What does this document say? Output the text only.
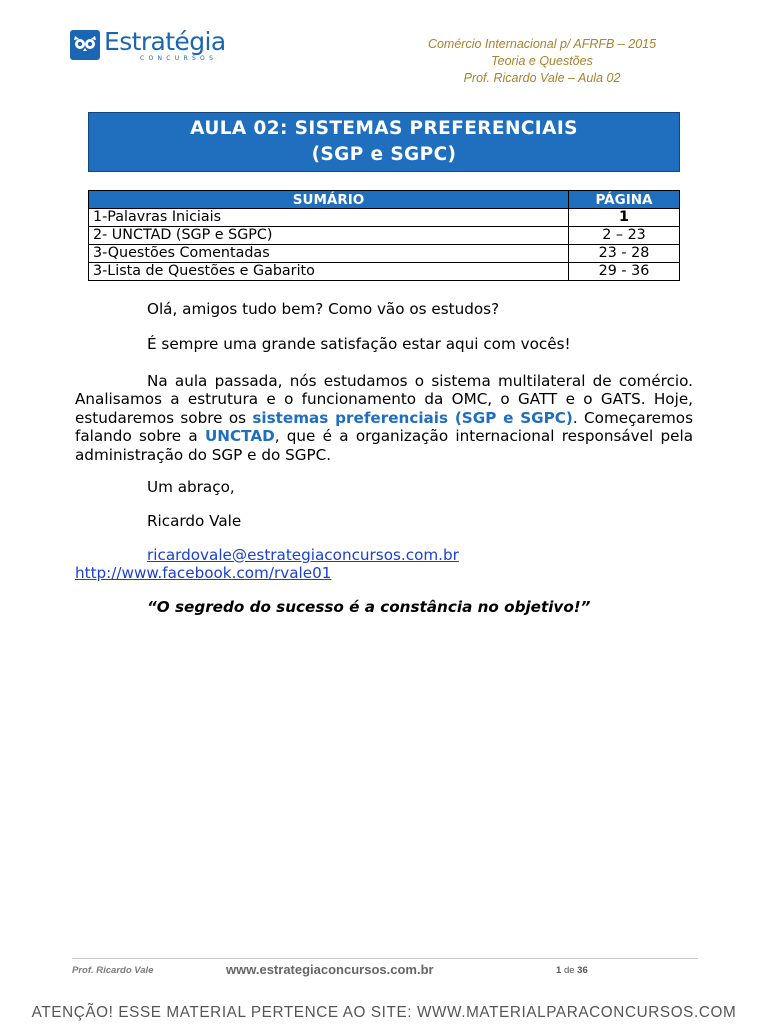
Estratégia
CONCURSOS
Comércio Internacional p/ AFRFB – 2015
Teoria e Questões
Prof. Ricardo Vale – Aula 02
AULA 02: SISTEMAS PREFERENCIAIS
(SGP e SGPC)
SUMÁRIO	PÁGINA
1-Palavras Iniciais	1
2- UNCTAD (SGP e SGPC)	2 – 23
3-Questões Comentadas	23 - 28
3-Lista de Questões e Gabarito	29 - 36
Olá, amigos tudo bem? Como vão os estudos?
É sempre uma grande satisfação estar aqui com vocês!
Na aula passada, nós estudamos o sistema multilateral de comércio. Analisamos a estrutura e o funcionamento da OMC, o GATT e o GATS. Hoje, estudaremos sobre os sistemas preferenciais (SGP e SGPC). Começaremos falando sobre a UNCTAD, que é a organização internacional responsável pela administração do SGP e do SGPC.
Um abraço,
Ricardo Vale
ricardovale@estrategiaconcursos.com.br
http://www.facebook.com/rvale01
“O segredo do sucesso é a constância no objetivo!”
Prof. Ricardo Vale	www.estrategiaconcursos.com.br	1 de 36
ATENÇÃO! ESSE MATERIAL PERTENCE AO SITE: WWW.MATERIALPARACONCURSOS.COM
